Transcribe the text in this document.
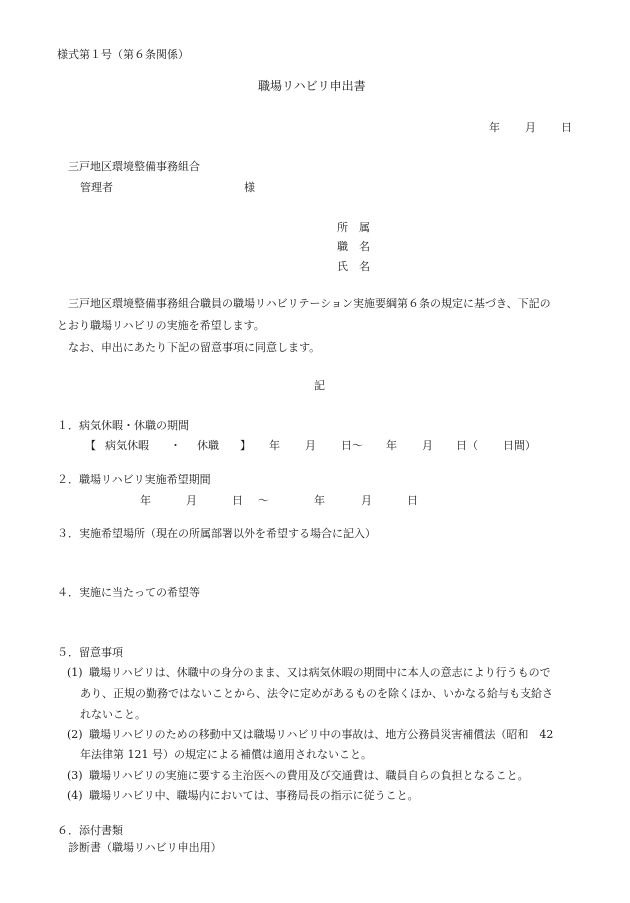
様式第１号（第６条関係）
職場リハビリ申出書
年 月 日
三戸地区環境整備事務組合
管理者	様
所　属
職　名
氏　名
三戸地区環境整備事務組合職員の職場リハビリテーション実施要綱第６条の規定に基づき、下記の
とおり職場リハビリの実施を希望します。
なお、申出にあたり下記の留意事項に同意します。
記
１．病気休暇・休職の期間
【 病気休暇 ・ 休職 】 年 月 日～ 年 月 日（ 日間）
２．職場リハビリ実施希望期間
年	月	日 ～	年	月	日
３．実施希望場所（現在の所属部署以外を希望する場合に記入）
４．実施に当たっての希望等
５．留意事項
(1) 職場リハビリは、休職中の身分のまま、又は病気休暇の期間中に本人の意志により行うもので
あり、正規の勤務ではないことから、法令に定めがあるものを除くほか、いかなる給与も支給さ
れないこと。
(2) 職場リハビリのための移動中又は職場リハビリ中の事故は、地方公務員災害補償法（昭和　42
年法律第 121 号）の規定による補償は適用されないこと。
(3) 職場リハビリの実施に要する主治医への費用及び交通費は、職員自らの負担となること。
(4) 職場リハビリ中、職場内においては、事務局長の指示に従うこと。
６．添付書類
診断書（職場リハビリ申出用）
